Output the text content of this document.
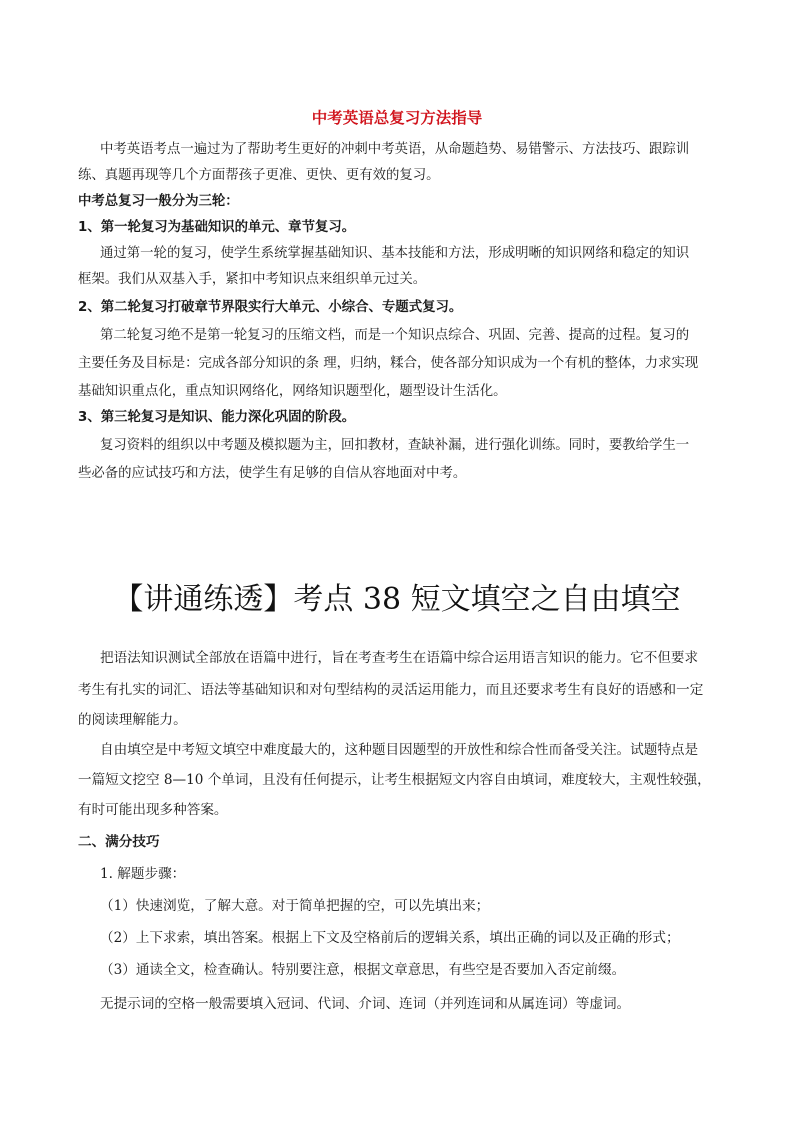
中考英语总复习方法指导
中考英语考点一遍过为了帮助考生更好的冲刺中考英语，从命题趋势、易错警示、方法技巧、跟踪训
练、真题再现等几个方面帮孩子更准、更快、更有效的复习。
中考总复习一般分为三轮：
1、第一轮复习为基础知识的单元、章节复习。
通过第一轮的复习，使学生系统掌握基础知识、基本技能和方法，形成明晰的知识网络和稳定的知识
框架。我们从双基入手，紧扣中考知识点来组织单元过关。
2、第二轮复习打破章节界限实行大单元、小综合、专题式复习。
第二轮复习绝不是第一轮复习的压缩文档，而是一个知识点综合、巩固、完善、提高的过程。复习的
主要任务及目标是：完成各部分知识的条 理，归纳，糅合，使各部分知识成为一个有机的整体，力求实现
基础知识重点化，重点知识网络化，网络知识题型化，题型设计生活化。
3、第三轮复习是知识、能力深化巩固的阶段。
复习资料的组织以中考题及模拟题为主，回扣教材，查缺补漏，进行强化训练。同时，要教给学生一
些必备的应试技巧和方法，使学生有足够的自信从容地面对中考。
【讲通练透】考点 38 短文填空之自由填空
把语法知识测试全部放在语篇中进行，旨在考查考生在语篇中综合运用语言知识的能力。它不但要求
考生有扎实的词汇、语法等基础知识和对句型结构的灵活运用能力，而且还要求考生有良好的语感和一定
的阅读理解能力。
自由填空是中考短文填空中难度最大的，这种题目因题型的开放性和综合性而备受关注。试题特点是
一篇短文挖空 8—10 个单词，且没有任何提示，让考生根据短文内容自由填词，难度较大，主观性较强，
有时可能出现多种答案。
二、满分技巧
1. 解题步骤：
（1）快速浏览，了解大意。对于简单把握的空，可以先填出来；
（2）上下求索，填出答案。根据上下文及空格前后的逻辑关系，填出正确的词以及正确的形式；
（3）通读全文，检查确认。特别要注意，根据文章意思，有些空是否要加入否定前缀。
无提示词的空格一般需要填入冠词、代词、介词、连词（并列连词和从属连词）等虚词。
